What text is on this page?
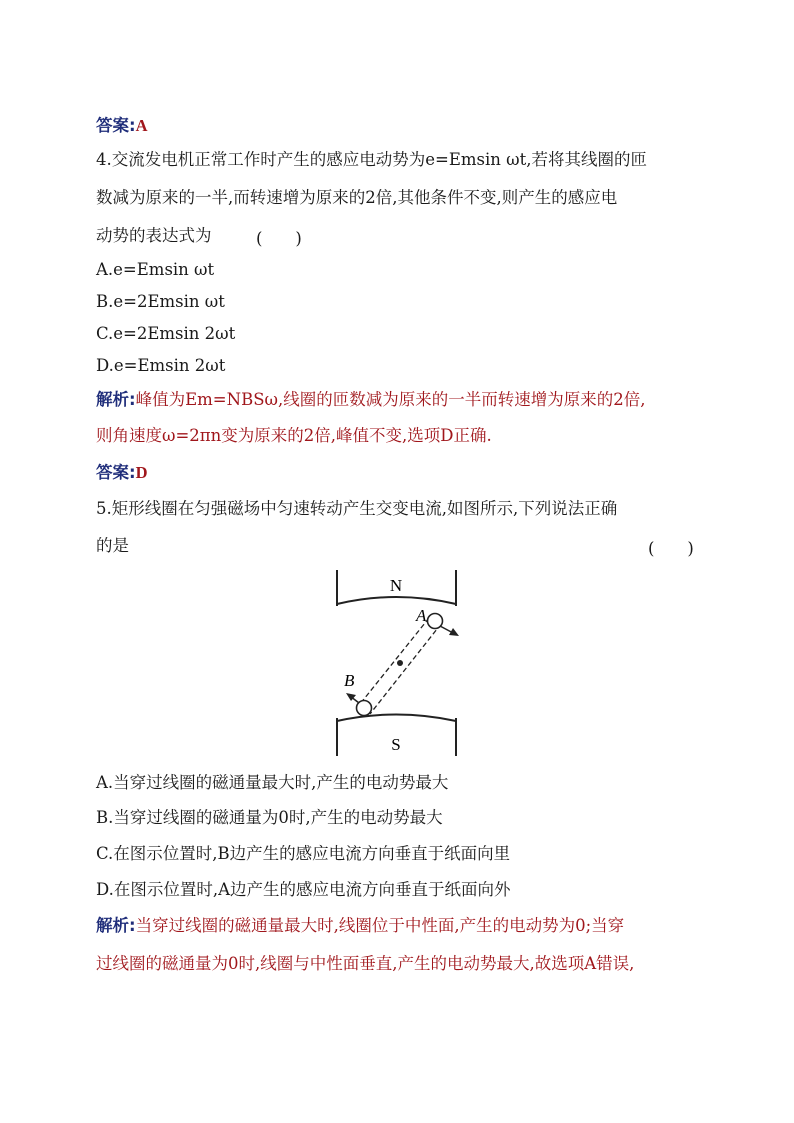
答案:A
4.交流发电机正常工作时产生的感应电动势为e=Emsin ωt,若将其线圈的匝
数减为原来的一半,而转速增为原来的2倍,其他条件不变,则产生的感应电
动势的表达式为	(　　)
A.e=Emsin ωt
B.e=2Emsin ωt
C.e=2Emsin 2ωt
D.e=Emsin 2ωt
解析:峰值为Em=NBSω,线圈的匝数减为原来的一半而转速增为原来的2倍,
则角速度ω=2πn变为原来的2倍,峰值不变,选项D正确.
答案:D
5.矩形线圈在匀强磁场中匀速转动产生交变电流,如图所示,下列说法正确
的是	(　　)
N
S
A
B
A.当穿过线圈的磁通量最大时,产生的电动势最大
B.当穿过线圈的磁通量为0时,产生的电动势最大
C.在图示位置时,B边产生的感应电流方向垂直于纸面向里
D.在图示位置时,A边产生的感应电流方向垂直于纸面向外
解析:当穿过线圈的磁通量最大时,线圈位于中性面,产生的电动势为0;当穿
过线圈的磁通量为0时,线圈与中性面垂直,产生的电动势最大,故选项A错误,
